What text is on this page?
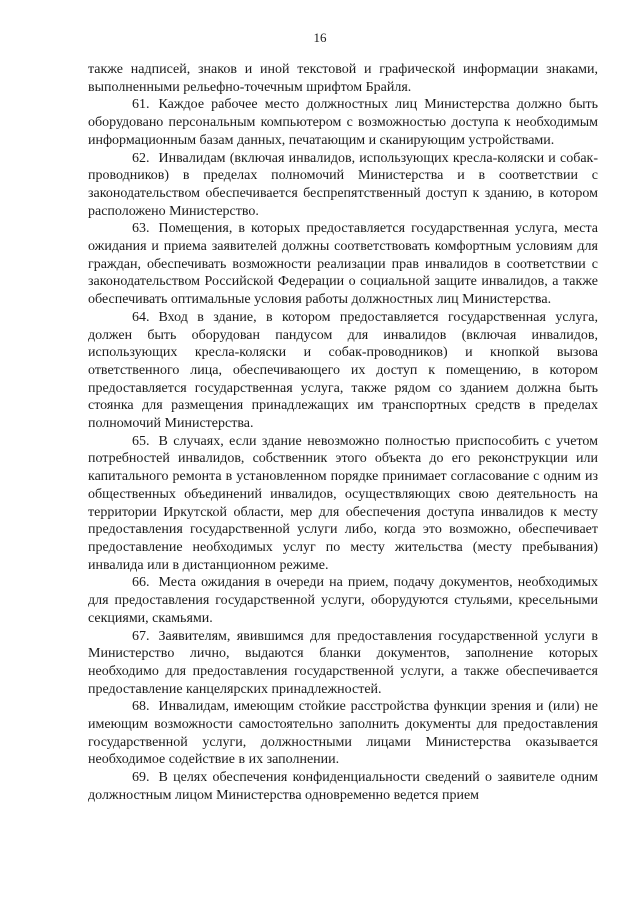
16

также надписей, знаков и иной текстовой и графической информации знаками, выполненными рельефно-точечным шрифтом Брайля.

61. Каждое рабочее место должностных лиц Министерства должно быть оборудовано персональным компьютером с возможностью доступа к необходимым информационным базам данных, печатающим и сканирующим устройствами.

62. Инвалидам (включая инвалидов, использующих кресла-коляски и собак-проводников) в пределах полномочий Министерства и в соответствии с законодательством обеспечивается беспрепятственный доступ к зданию, в котором расположено Министерство.

63. Помещения, в которых предоставляется государственная услуга, места ожидания и приема заявителей должны соответствовать комфортным условиям для граждан, обеспечивать возможности реализации прав инвалидов в соответствии с законодательством Российской Федерации о социальной защите инвалидов, а также обеспечивать оптимальные условия работы должностных лиц Министерства.

64. Вход в здание, в котором предоставляется государственная услуга, должен быть оборудован пандусом для инвалидов (включая инвалидов, использующих кресла-коляски и собак-проводников) и кнопкой вызова ответственного лица, обеспечивающего их доступ к помещению, в котором предоставляется государственная услуга, также рядом со зданием должна быть стоянка для размещения принадлежащих им транспортных средств в пределах полномочий Министерства.

65. В случаях, если здание невозможно полностью приспособить с учетом потребностей инвалидов, собственник этого объекта до его реконструкции или капитального ремонта в установленном порядке принимает согласование с одним из общественных объединений инвалидов, осуществляющих свою деятельность на территории Иркутской области, мер для обеспечения доступа инвалидов к месту предоставления государственной услуги либо, когда это возможно, обеспечивает предоставление необходимых услуг по месту жительства (месту пребывания) инвалида или в дистанционном режиме.

66. Места ожидания в очереди на прием, подачу документов, необходимых для предоставления государственной услуги, оборудуются стульями, кресельными секциями, скамьями.

67. Заявителям, явившимся для предоставления государственной услуги в Министерство лично, выдаются бланки документов, заполнение которых необходимо для предоставления государственной услуги, а также обеспечивается предоставление канцелярских принадлежностей.

68. Инвалидам, имеющим стойкие расстройства функции зрения и (или) не имеющим возможности самостоятельно заполнить документы для предоставления государственной услуги, должностными лицами Министерства оказывается необходимое содействие в их заполнении.

69. В целях обеспечения конфиденциальности сведений о заявителе одним должностным лицом Министерства одновременно ведется прием
